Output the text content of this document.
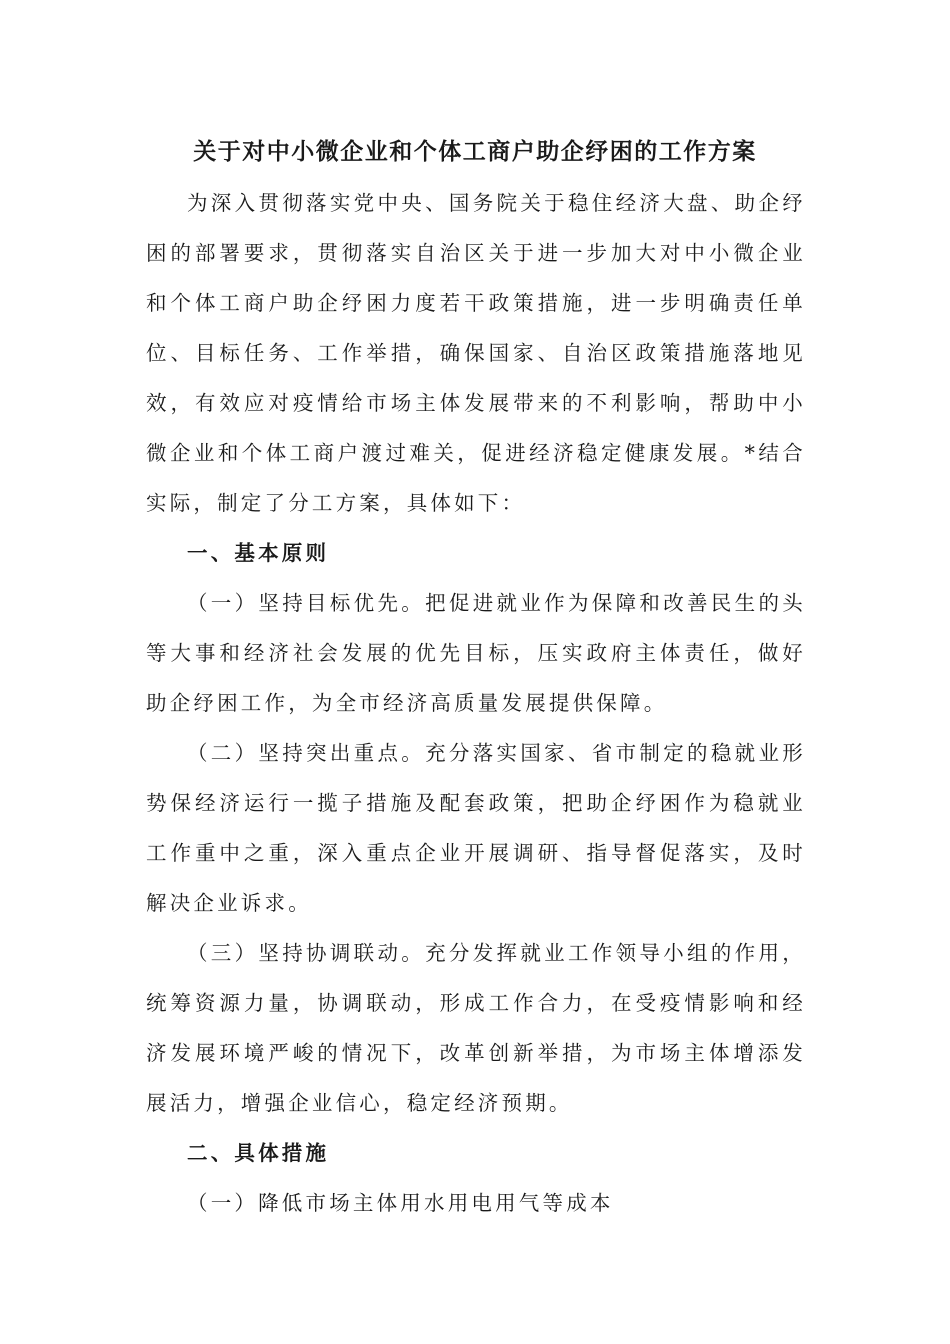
关于对中小微企业和个体工商户助企纾困的工作方案

为深入贯彻落实党中央、国务院关于稳住经济大盘、助企纾困的部署要求，贯彻落实自治区关于进一步加大对中小微企业和个体工商户助企纾困力度若干政策措施，进一步明确责任单位、目标任务、工作举措，确保国家、自治区政策措施落地见效，有效应对疫情给市场主体发展带来的不利影响，帮助中小微企业和个体工商户渡过难关，促进经济稳定健康发展。*结合实际，制定了分工方案，具体如下：

一、基本原则

（一）坚持目标优先。把促进就业作为保障和改善民生的头等大事和经济社会发展的优先目标，压实政府主体责任，做好助企纾困工作，为全市经济高质量发展提供保障。

（二）坚持突出重点。充分落实国家、省市制定的稳就业形势保经济运行一揽子措施及配套政策，把助企纾困作为稳就业工作重中之重，深入重点企业开展调研、指导督促落实，及时解决企业诉求。

（三）坚持协调联动。充分发挥就业工作领导小组的作用，统筹资源力量，协调联动，形成工作合力，在受疫情影响和经济发展环境严峻的情况下，改革创新举措，为市场主体增添发展活力，增强企业信心，稳定经济预期。

二、具体措施

（一）降低市场主体用水用电用气等成本
